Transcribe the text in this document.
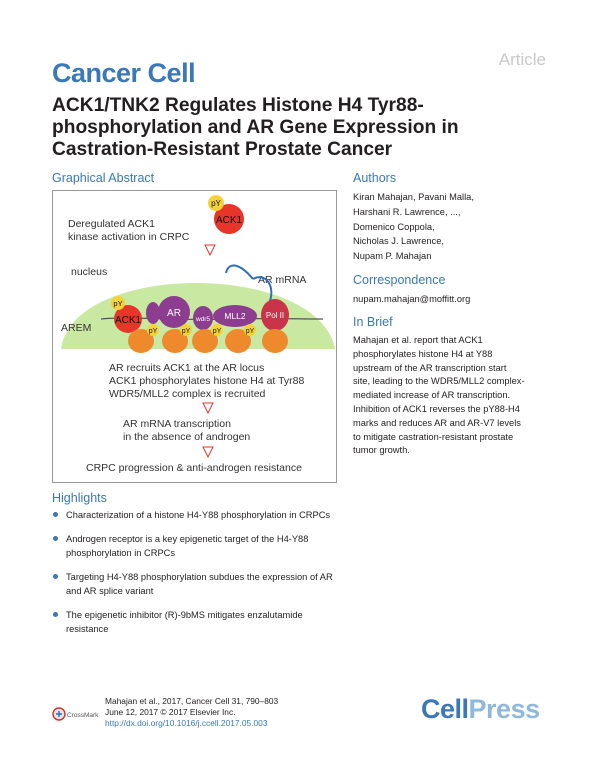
Article
Cancer Cell
ACK1/TNK2 Regulates Histone H4 Tyr88-phosphorylation and AR Gene Expression in Castration-Resistant Prostate Cancer
Graphical Abstract
ACK1
pY
Deregulated ACK1
kinase activation in CRPC
nucleus
AR mRNA
AREM
ACK1
pY
AR
wdr5 MLL2	Pol II
pY	pY	pY	pY
AR recruits ACK1 at the AR locus
ACK1 phosphorylates histone H4 at Tyr88
WDR5/MLL2 complex is recruited
AR mRNA transcription
in the absence of androgen
CRPC progression & anti-androgen resistance
Authors
Kiran Mahajan, Pavani Malla,
Harshani R. Lawrence, ...,
Domenico Coppola,
Nicholas J. Lawrence,
Nupam P. Mahajan
Correspondence
nupam.mahajan@moffitt.org
In Brief
Mahajan et al. report that ACK1
phosphorylates histone H4 at Y88
upstream of the AR transcription start
site, leading to the WDR5/MLL2 complex-
mediated increase of AR transcription.
Inhibition of ACK1 reverses the pY88-H4
marks and reduces AR and AR-V7 levels
to mitigate castration-resistant prostate
tumor growth.
Highlights
Characterization of a histone H4-Y88 phosphorylation in CRPCs
Androgen receptor is a key epigenetic target of the H4-Y88 phosphorylation in CRPCs
Targeting H4-Y88 phosphorylation subdues the expression of AR and AR splice variant
The epigenetic inhibitor (R)-9bMS mitigates enzalutamide resistance
CrossMark
Mahajan et al., 2017, Cancer Cell 31, 790–803
June 12, 2017 © 2017 Elsevier Inc.
http://dx.doi.org/10.1016/j.ccell.2017.05.003	CellPress
